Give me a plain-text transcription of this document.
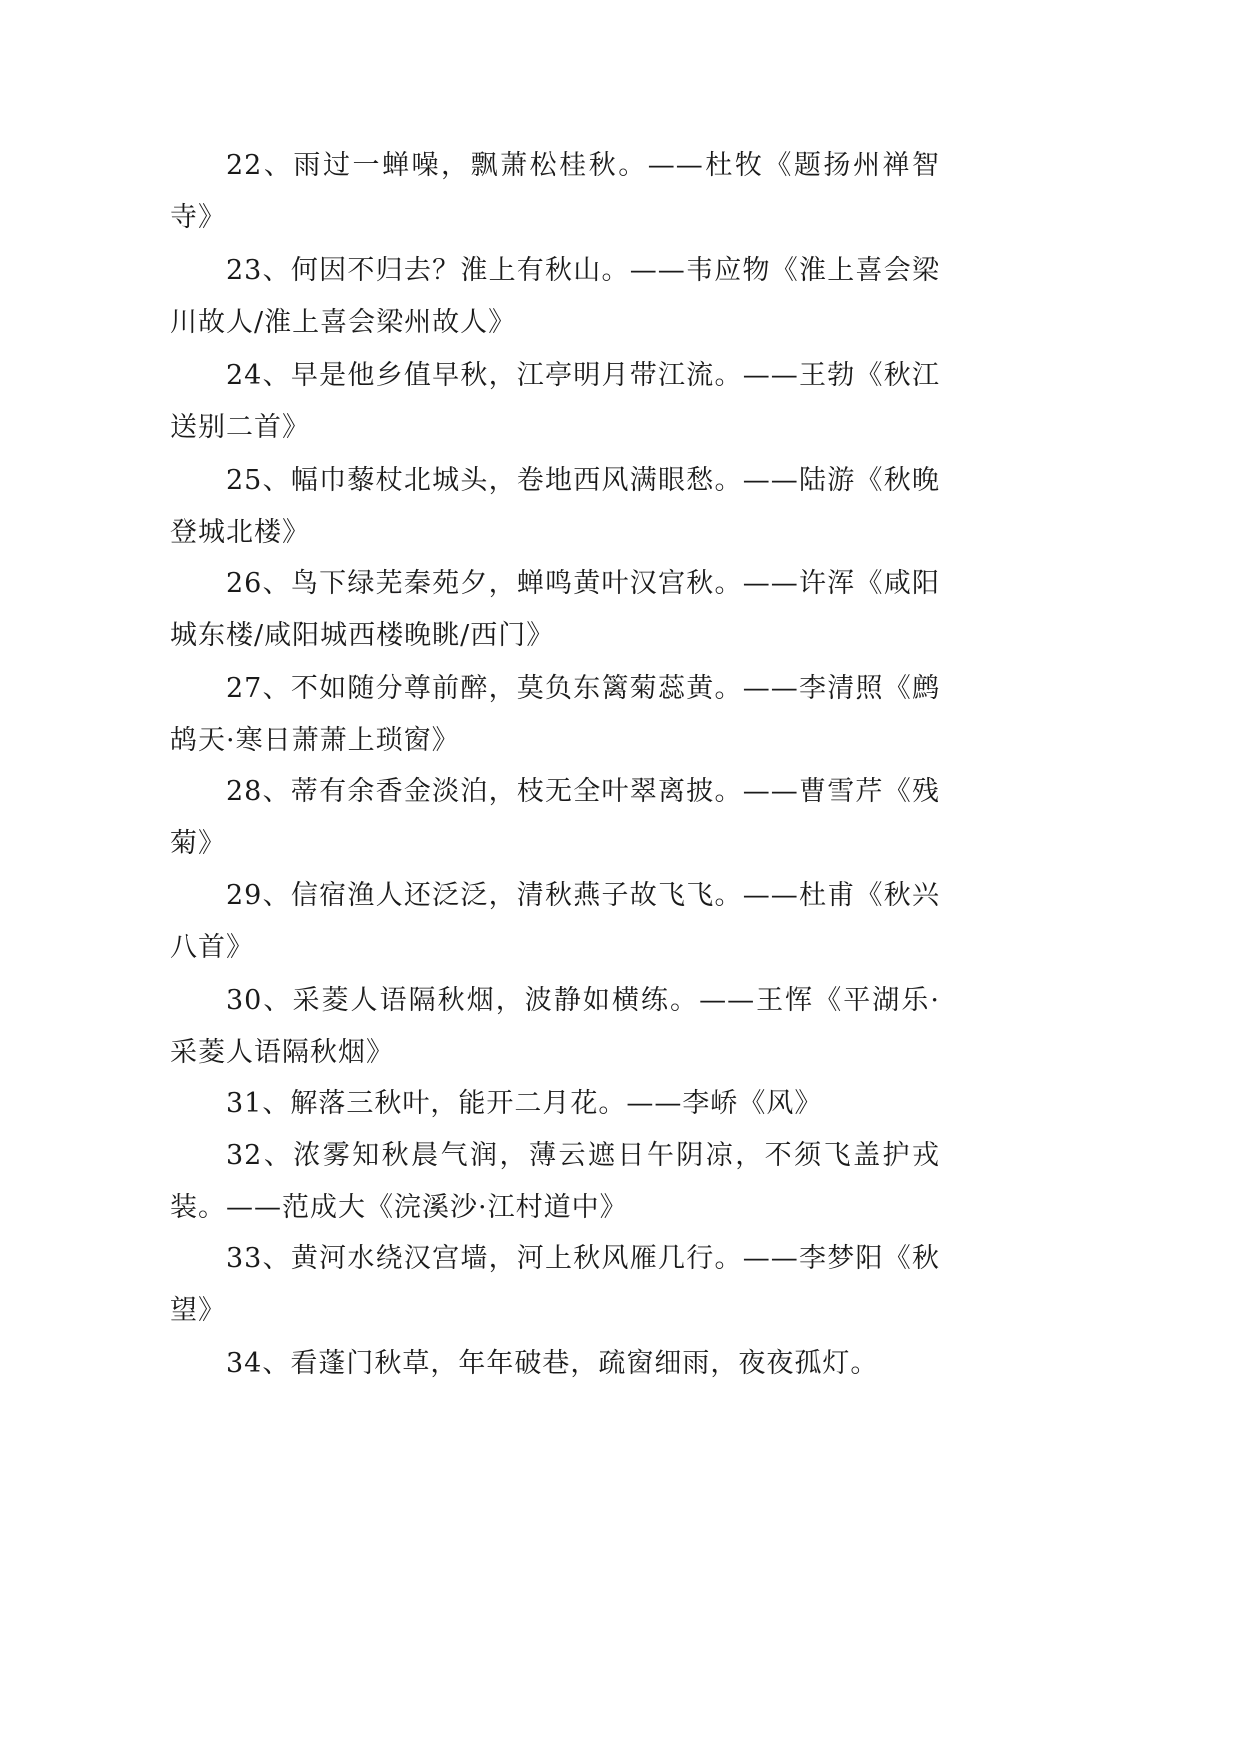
22、雨过一蝉噪，飘萧松桂秋。——杜牧《题扬州禅智寺》

23、何因不归去？淮上有秋山。——韦应物《淮上喜会梁川故人/淮上喜会梁州故人》

24、早是他乡值早秋，江亭明月带江流。——王勃《秋江送别二首》

25、幅巾藜杖北城头，卷地西风满眼愁。——陆游《秋晚登城北楼》

26、鸟下绿芜秦苑夕，蝉鸣黄叶汉宫秋。——许浑《咸阳城东楼/咸阳城西楼晚眺/西门》

27、不如随分尊前醉，莫负东篱菊蕊黄。——李清照《鹧鸪天·寒日萧萧上琐窗》

28、蒂有余香金淡泊，枝无全叶翠离披。——曹雪芹《残菊》

29、信宿渔人还泛泛，清秋燕子故飞飞。——杜甫《秋兴八首》

30、采菱人语隔秋烟，波静如横练。——王恽《平湖乐·采菱人语隔秋烟》

31、解落三秋叶，能开二月花。——李峤《风》

32、浓雾知秋晨气润，薄云遮日午阴凉，不须飞盖护戎装。——范成大《浣溪沙·江村道中》

33、黄河水绕汉宫墙，河上秋风雁几行。——李梦阳《秋望》

34、看蓬门秋草，年年破巷，疏窗细雨，夜夜孤灯。
